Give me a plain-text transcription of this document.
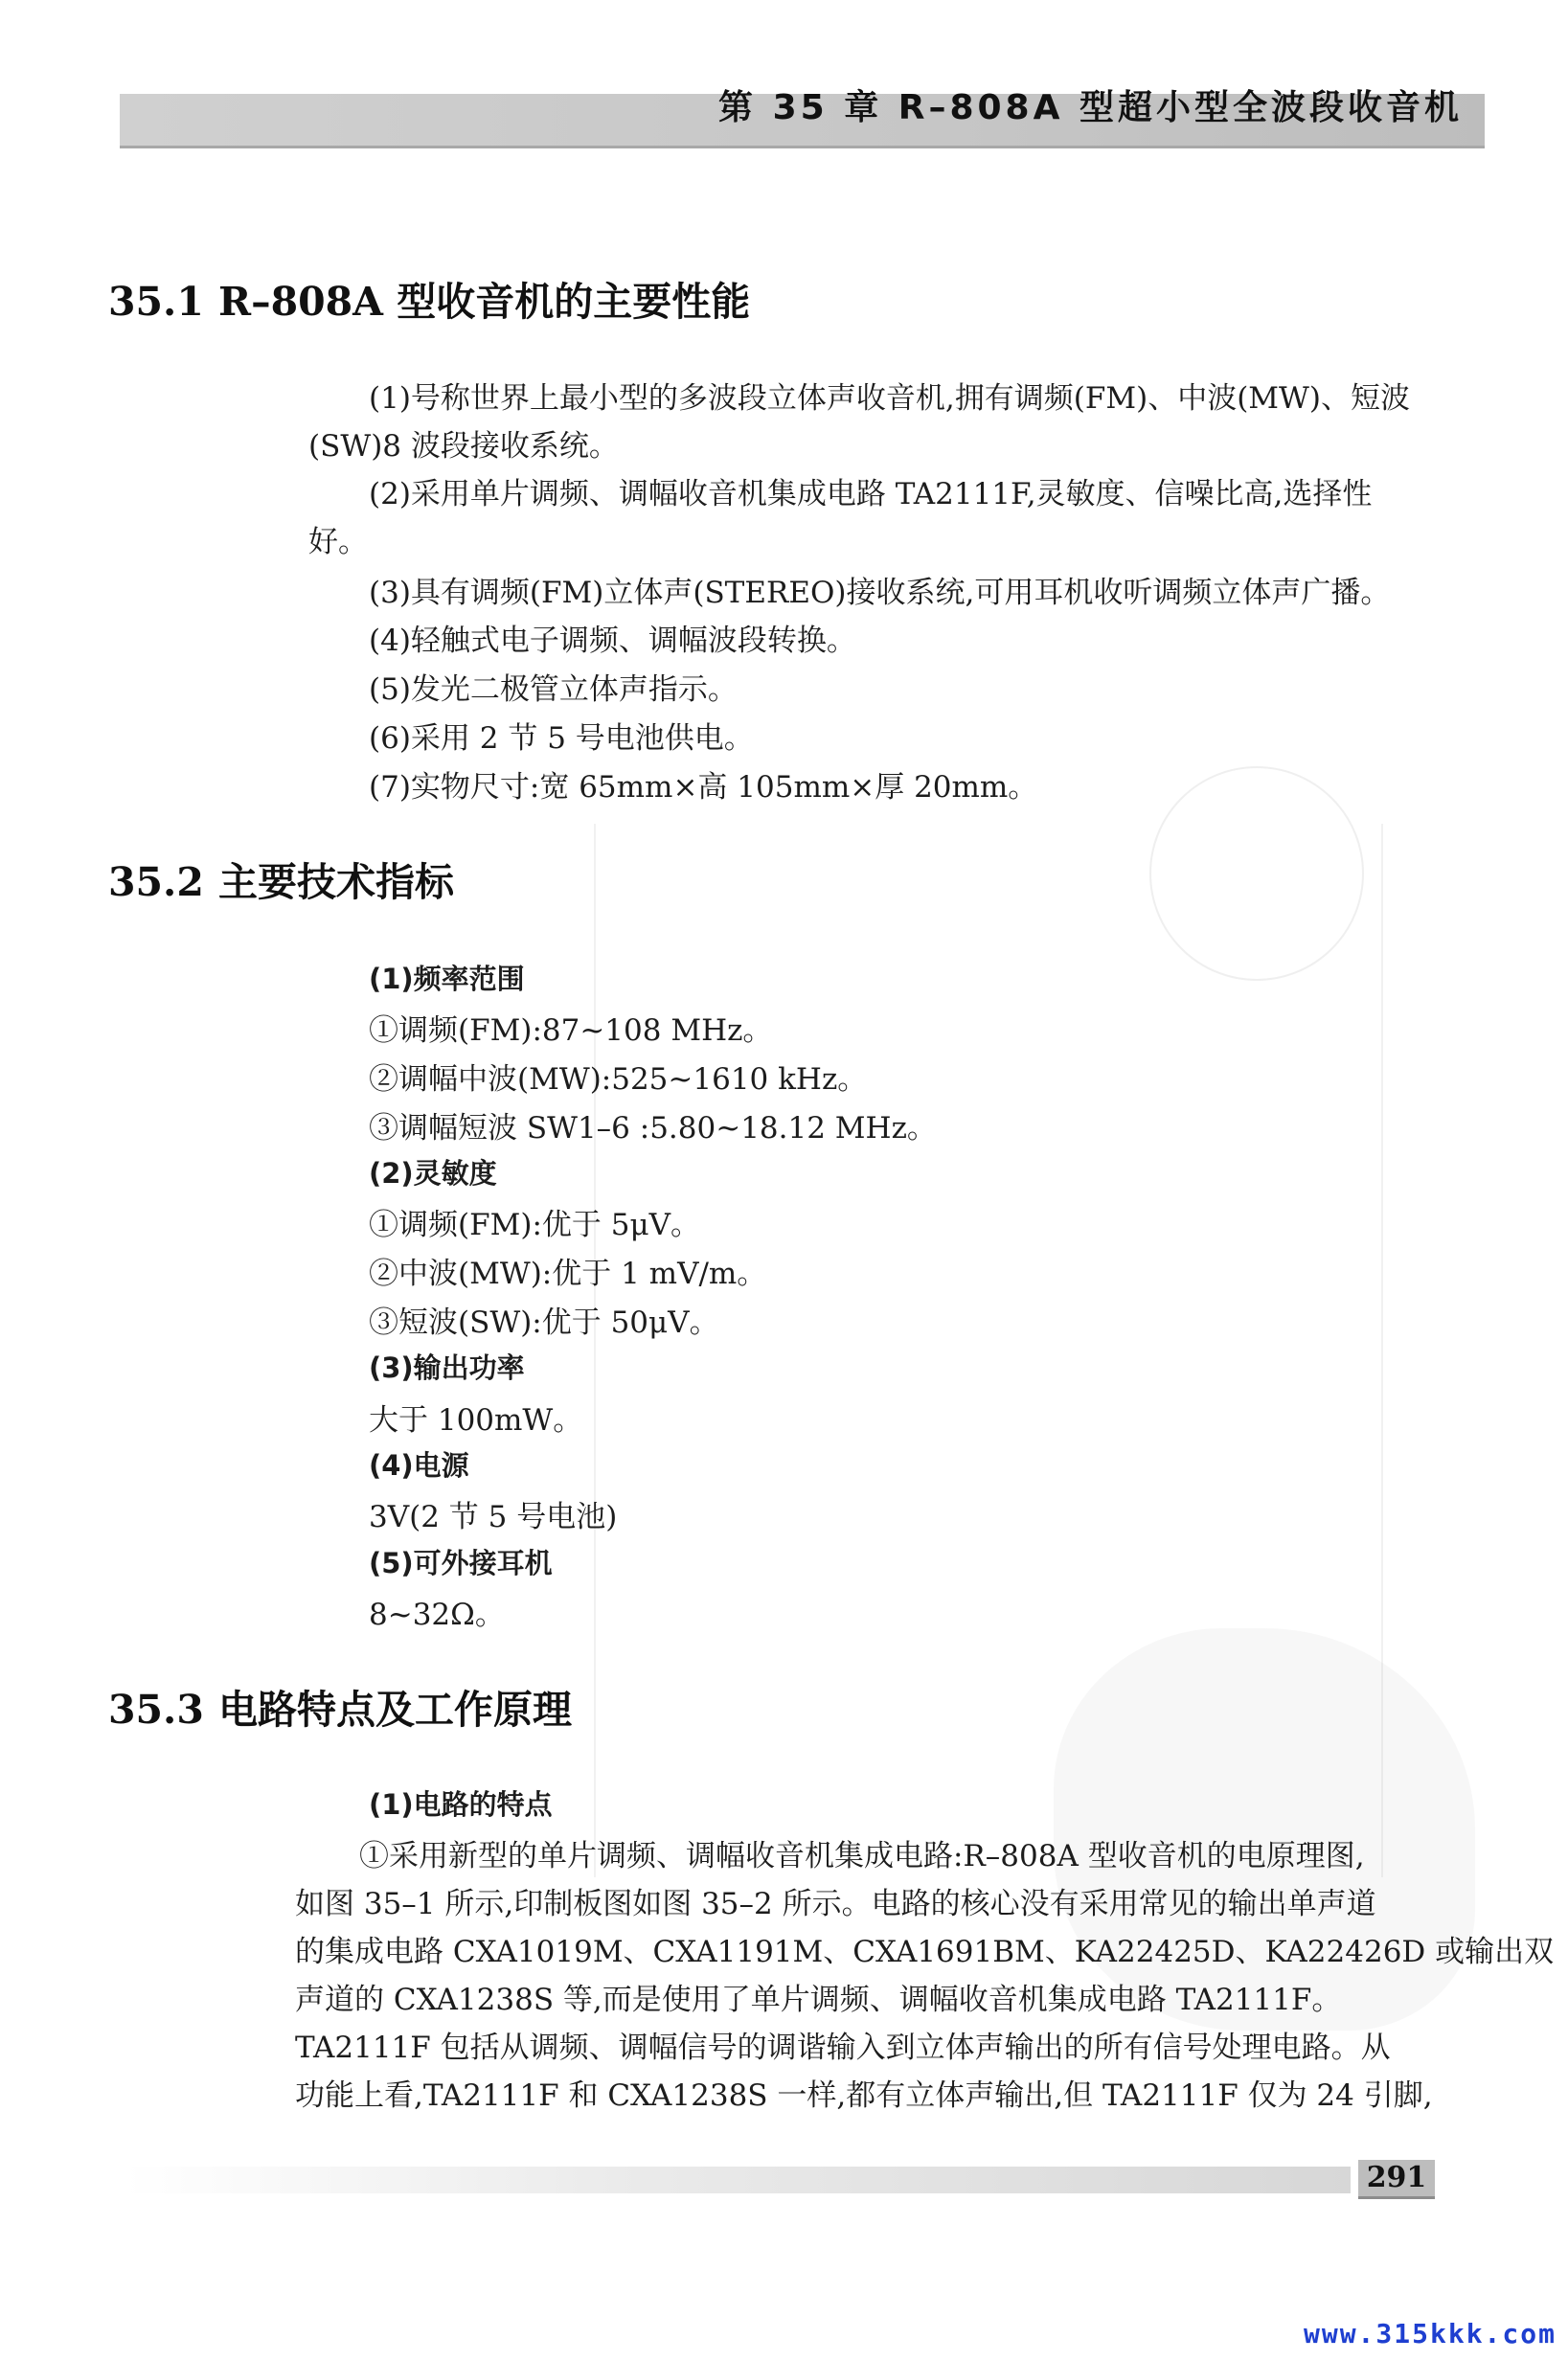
第 35 章 R–808A 型超小型全波段收音机
35.1 R–808A 型收音机的主要性能
(1)号称世界上最小型的多波段立体声收音机,拥有调频(FM)、中波(MW)、短波
(SW)8 波段接收系统。
(2)采用单片调频、调幅收音机集成电路 TA2111F,灵敏度、信噪比高,选择性
好。
(3)具有调频(FM)立体声(STEREO)接收系统,可用耳机收听调频立体声广播。
(4)轻触式电子调频、调幅波段转换。
(5)发光二极管立体声指示。
(6)采用 2 节 5 号电池供电。
(7)实物尺寸:宽 65mm×高 105mm×厚 20mm。
35.2 主要技术指标
(1)频率范围
①调频(FM):87~108 MHz。
②调幅中波(MW):525~1610 kHz。
③调幅短波 SW1–6 :5.80~18.12 MHz。
(2)灵敏度
①调频(FM):优于 5μV。
②中波(MW):优于 1 mV/m。
③短波(SW):优于 50μV。
(3)输出功率
大于 100mW。
(4)电源
3V(2 节 5 号电池)
(5)可外接耳机
8~32Ω。
35.3 电路特点及工作原理
(1)电路的特点
①采用新型的单片调频、调幅收音机集成电路:R–808A 型收音机的电原理图,
如图 35–1 所示,印制板图如图 35–2 所示。电路的核心没有采用常见的输出单声道
的集成电路 CXA1019M、CXA1191M、CXA1691BM、KA22425D、KA22426D 或输出双
声道的 CXA1238S 等,而是使用了单片调频、调幅收音机集成电路 TA2111F。
TA2111F 包括从调频、调幅信号的调谐输入到立体声输出的所有信号处理电路。从
功能上看,TA2111F 和 CXA1238S 一样,都有立体声输出,但 TA2111F 仅为 24 引脚,
291
www.315kkk.com
